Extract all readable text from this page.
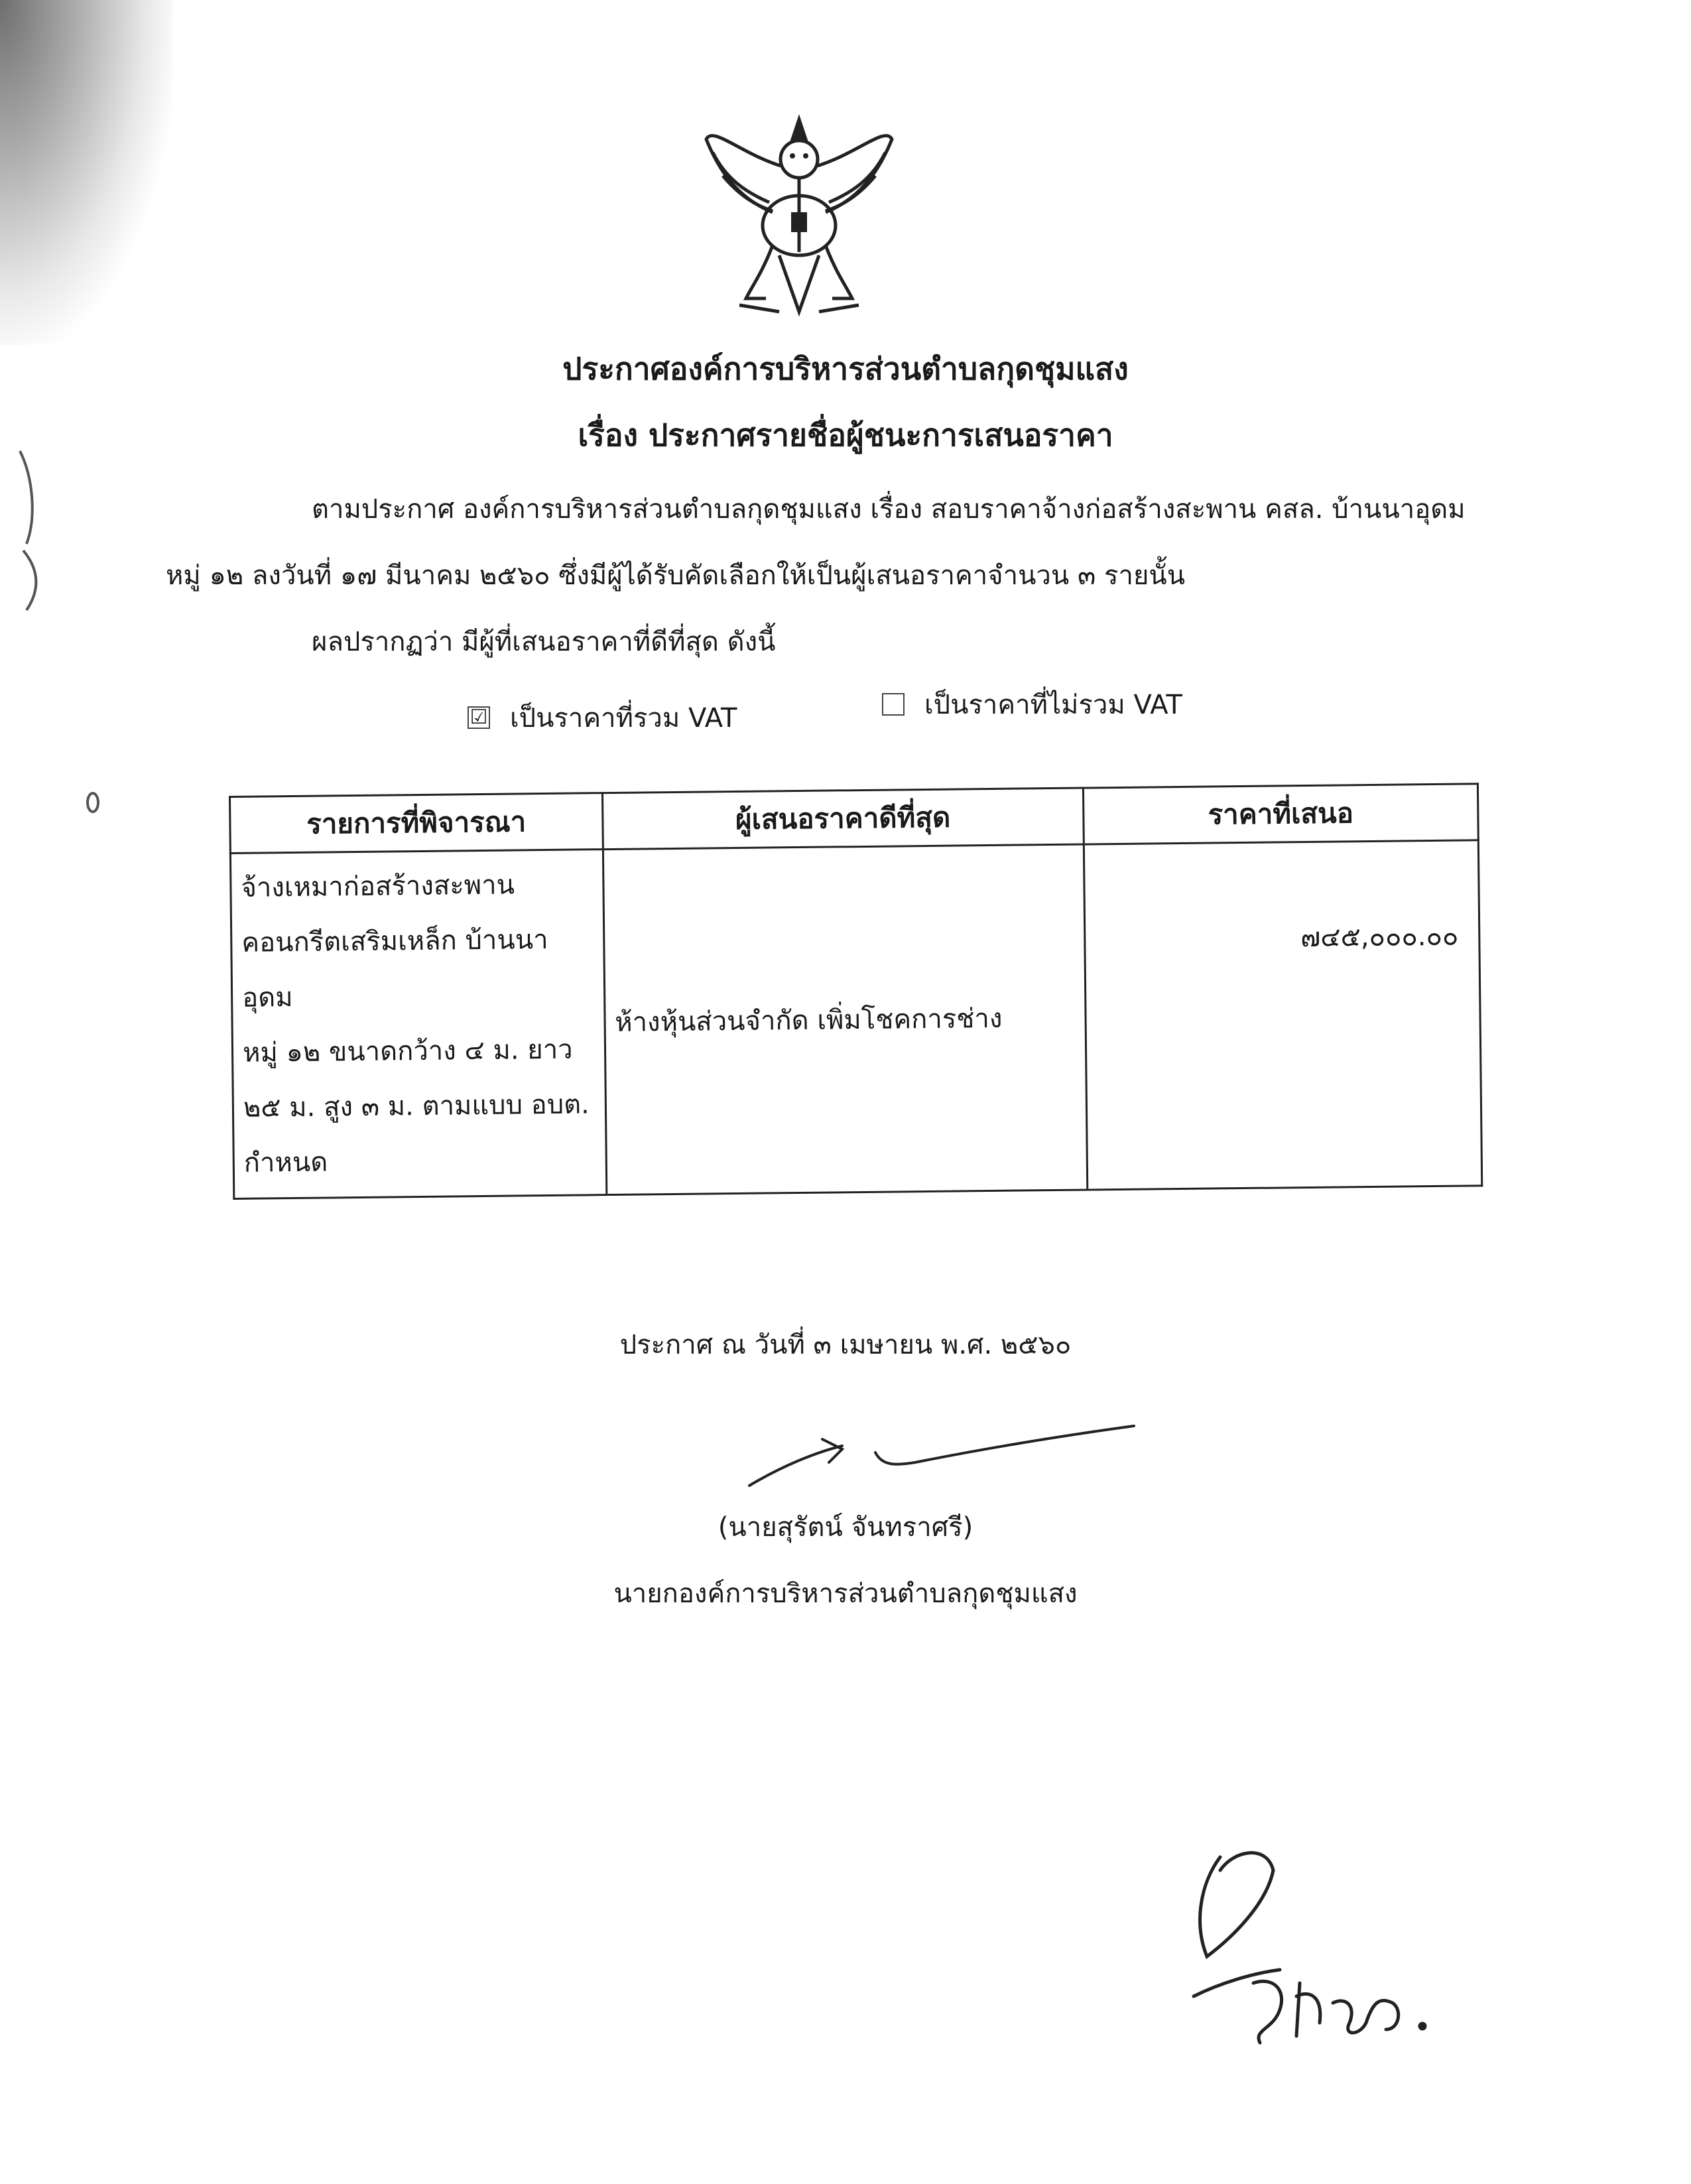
ประกาศองค์การบริหารส่วนตำบลกุดชุมแสง
เรื่อง ประกาศรายชื่อผู้ชนะการเสนอราคา
ตามประกาศ องค์การบริหารส่วนตำบลกุดชุมแสง เรื่อง สอบราคาจ้างก่อสร้างสะพาน คสล. บ้านนาอุดม
หมู่ ๑๒ ลงวันที่ ๑๗ มีนาคม ๒๕๖๐ ซึ่งมีผู้ได้รับคัดเลือกให้เป็นผู้เสนอราคาจำนวน ๓ รายนั้น
ผลปรากฏว่า มีผู้ที่เสนอราคาที่ดีที่สุด ดังนี้
☑ เป็นราคาที่รวม VAT	เป็นราคาที่ไม่รวม VAT
รายการที่พิจารณา	ผู้เสนอราคาดีที่สุด	ราคาที่เสนอ

จ้างเหมาก่อสร้างสะพาน
คอนกรีตเสริมเหล็ก บ้านนาอุดม
หมู่ ๑๒ ขนาดกว้าง ๔ ม. ยาว
๒๕ ม. สูง ๓ ม. ตามแบบ อบต.
กำหนด	ห้างหุ้นส่วนจำกัด เพิ่มโชคการช่าง	๗๔๕,๐๐๐.๐๐
ประกาศ ณ วันที่ ๓ เมษายน พ.ศ. ๒๕๖๐
(นายสุรัตน์ จันทราศรี)
นายกองค์การบริหารส่วนตำบลกุดชุมแสง
